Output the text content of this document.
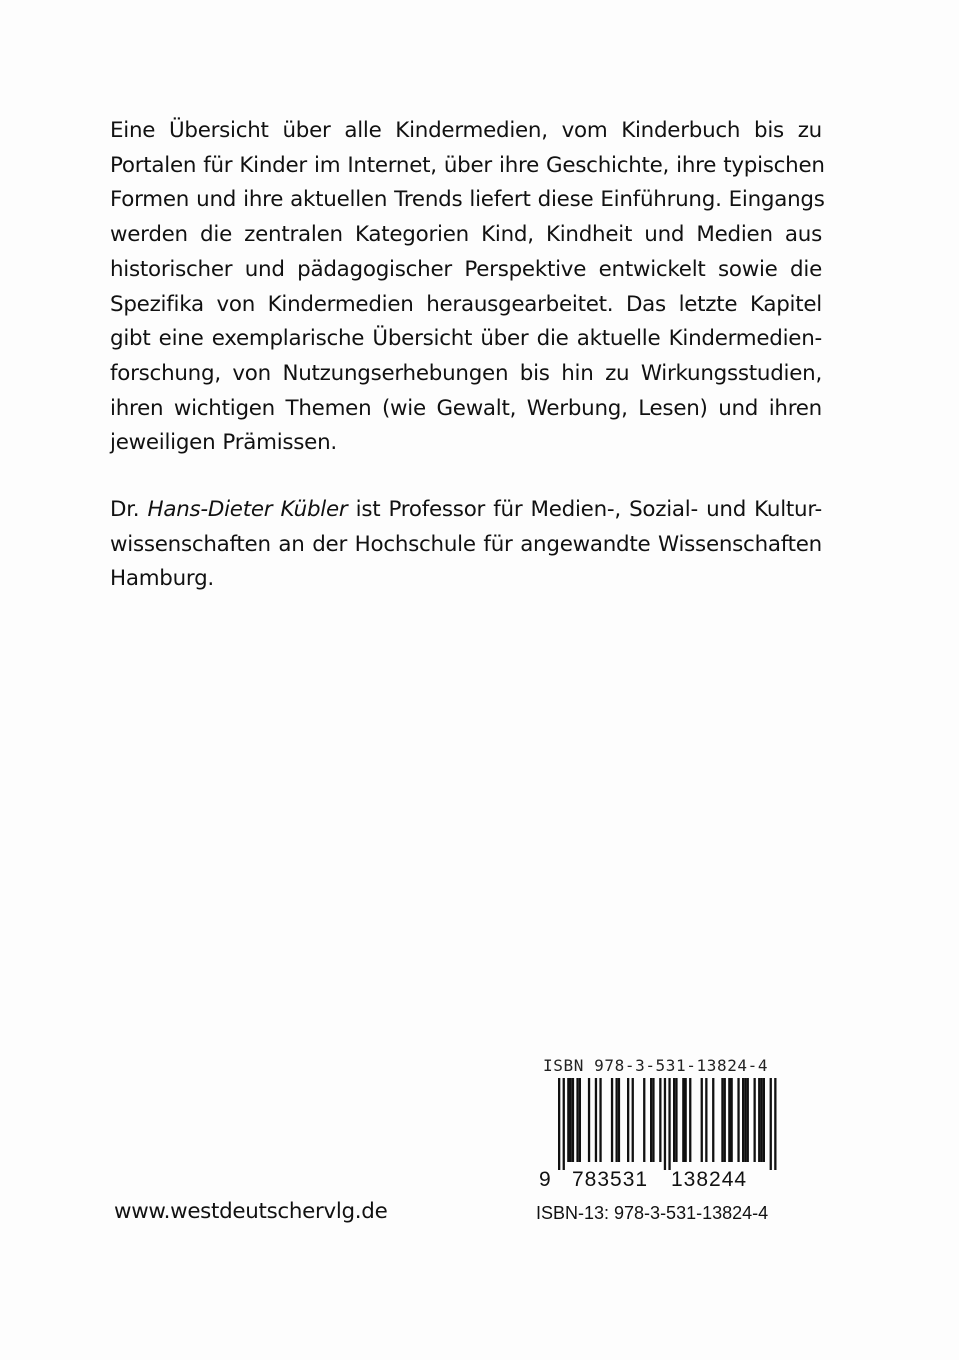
Eine Übersicht über alle Kindermedien, vom Kinderbuch bis zu
Portalen für Kinder im Internet, über ihre Geschichte, ihre typischen
Formen und ihre aktuellen Trends liefert diese Einführung. Eingangs
werden die zentralen Kategorien Kind, Kindheit und Medien aus
historischer und pädagogischer Perspektive entwickelt sowie die
Spezifika von Kindermedien herausgearbeitet. Das letzte Kapitel
gibt eine exemplarische Übersicht über die aktuelle Kindermedien-
forschung, von Nutzungserhebungen bis hin zu Wirkungsstudien,
ihren wichtigen Themen (wie Gewalt, Werbung, Lesen) und ihren
jeweiligen Prämissen.
Dr. Hans-Dieter Kübler ist Professor für Medien-, Sozial- und Kultur-
wissenschaften an der Hochschule für angewandte Wissenschaften
Hamburg.
ISBN 978-3-531-13824-4
9 783531 138244
ISBN-13: 978-3-531-13824-4
www.westdeutschervlg.de
